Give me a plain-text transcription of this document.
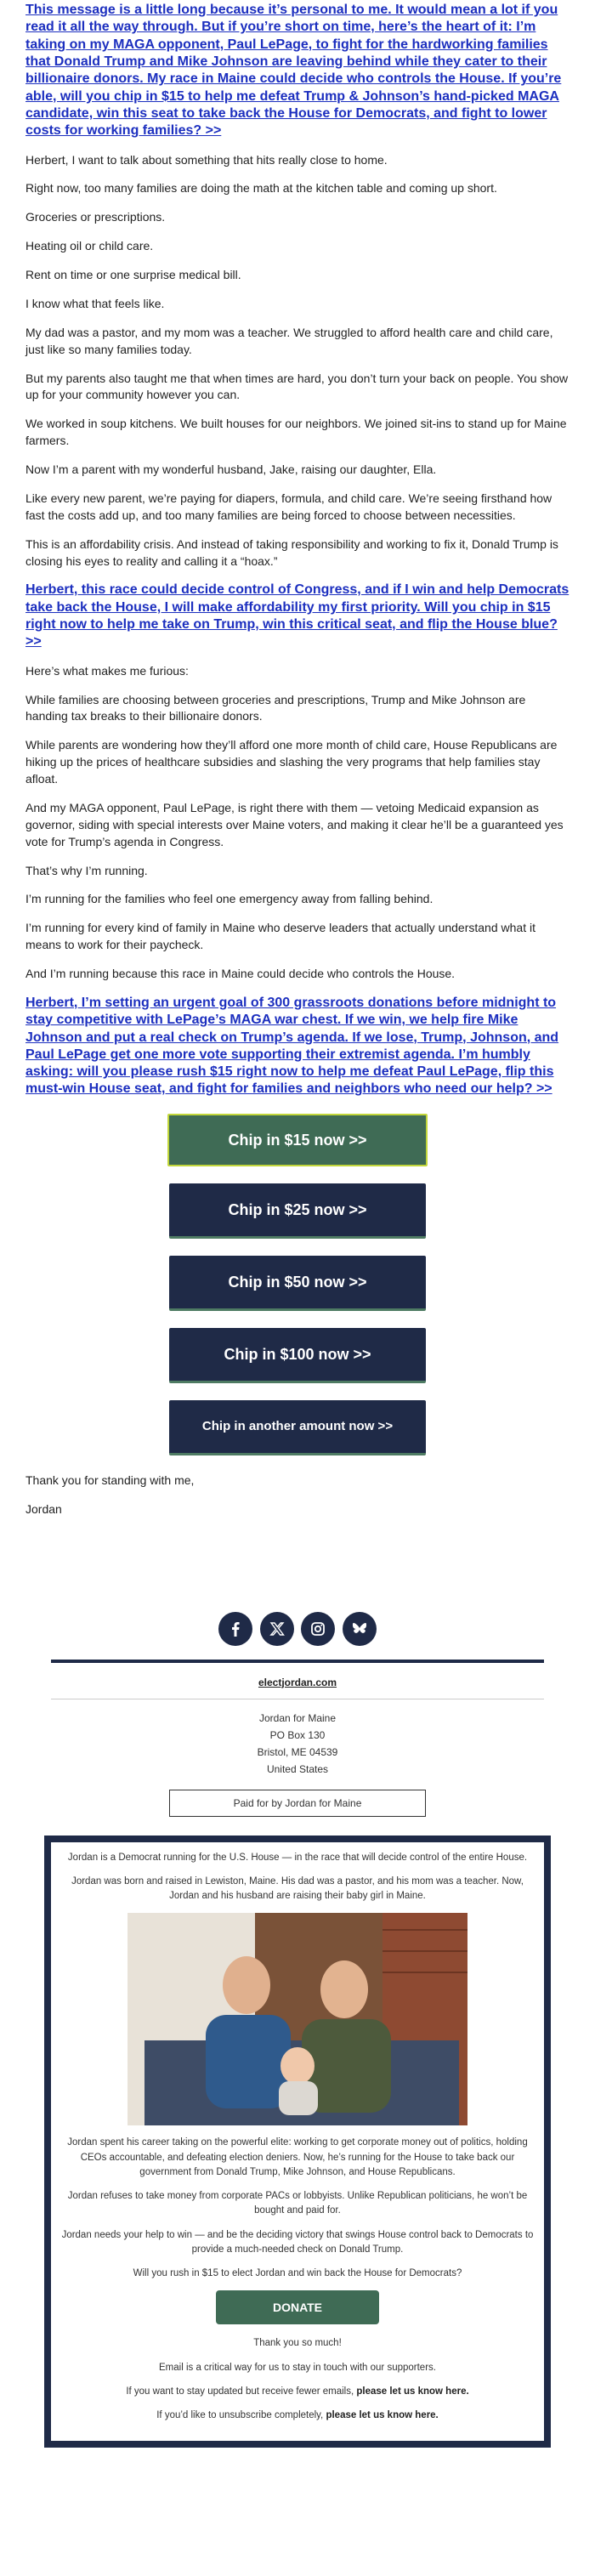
This message is a little long because it’s personal to me. It would mean a lot if you read it all the way through. But if you’re short on time, here’s the heart of it: I’m taking on my MAGA opponent, Paul LePage, to fight for the hardworking families that Donald Trump and Mike Johnson are leaving behind while they cater to their billionaire donors. My race in Maine could decide who controls the House. If you’re able, will you chip in $15 to help me defeat Trump & Johnson’s hand-picked MAGA candidate, win this seat to take back the House for Democrats, and fight to lower costs for working families? >>

Herbert, I want to talk about something that hits really close to home.

Right now, too many families are doing the math at the kitchen table and coming up short.

Groceries or prescriptions.

Heating oil or child care.

Rent on time or one surprise medical bill.

I know what that feels like.

My dad was a pastor, and my mom was a teacher. We struggled to afford health care and child care, just like so many families today.

But my parents also taught me that when times are hard, you don’t turn your back on people. You show up for your community however you can.

We worked in soup kitchens. We built houses for our neighbors. We joined sit-ins to stand up for Maine farmers.

Now I’m a parent with my wonderful husband, Jake, raising our daughter, Ella.

Like every new parent, we’re paying for diapers, formula, and child care. We’re seeing firsthand how fast the costs add up, and too many families are being forced to choose between necessities.

This is an affordability crisis. And instead of taking responsibility and working to fix it, Donald Trump is closing his eyes to reality and calling it a “hoax.”

Herbert, this race could decide control of Congress, and if I win and help Democrats take back the House, I will make affordability my first priority. Will you chip in $15 right now to help me take on Trump, win this critical seat, and flip the House blue? >>

Here’s what makes me furious:

While families are choosing between groceries and prescriptions, Trump and Mike Johnson are handing tax breaks to their billionaire donors.

While parents are wondering how they’ll afford one more month of child care, House Republicans are hiking up the prices of healthcare subsidies and slashing the very programs that help families stay afloat.

And my MAGA opponent, Paul LePage, is right there with them — vetoing Medicaid expansion as governor, siding with special interests over Maine voters, and making it clear he’ll be a guaranteed yes vote for Trump’s agenda in Congress.

That’s why I’m running.

I’m running for the families who feel one emergency away from falling behind.

I’m running for every kind of family in Maine who deserve leaders that actually understand what it means to work for their paycheck.

And I’m running because this race in Maine could decide who controls the House.

Herbert, I’m setting an urgent goal of 300 grassroots donations before midnight to stay competitive with LePage’s MAGA war chest. If we win, we help fire Mike Johnson and put a real check on Trump’s agenda. If we lose, Trump, Johnson, and Paul LePage get one more vote supporting their extremist agenda. I’m humbly asking: will you please rush $15 right now to help me defeat Paul LePage, flip this must-win House seat, and fight for families and neighbors who need our help? >>
Chip in $15 now >>
Chip in $25 now >>
Chip in $50 now >>
Chip in $100 now >>
Chip in another amount now >>

Thank you for standing with me,

Jordan

electjordan.com
Jordan for Maine
PO Box 130
Bristol, ME 04539
United States
Paid for by Jordan for Maine

Jordan is a Democrat running for the U.S. House — in the race that will decide control of the entire House.

Jordan was born and raised in Lewiston, Maine. His dad was a pastor, and his mom was a teacher. Now, Jordan and his husband are raising their baby girl in Maine.

Jordan spent his career taking on the powerful elite: working to get corporate money out of politics, holding CEOs accountable, and defeating election deniers. Now, he’s running for the House to take back our government from Donald Trump, Mike Johnson, and House Republicans.

Jordan refuses to take money from corporate PACs or lobbyists. Unlike Republican politicians, he won’t be bought and paid for.

Jordan needs your help to win — and be the deciding victory that swings House control back to Democrats to provide a much-needed check on Donald Trump.

Will you rush in $15 to elect Jordan and win back the House for Democrats?

DONATE

Thank you so much!

Email is a critical way for us to stay in touch with our supporters.

If you want to stay updated but receive fewer emails, please let us know here.

If you’d like to unsubscribe completely, please let us know here.
